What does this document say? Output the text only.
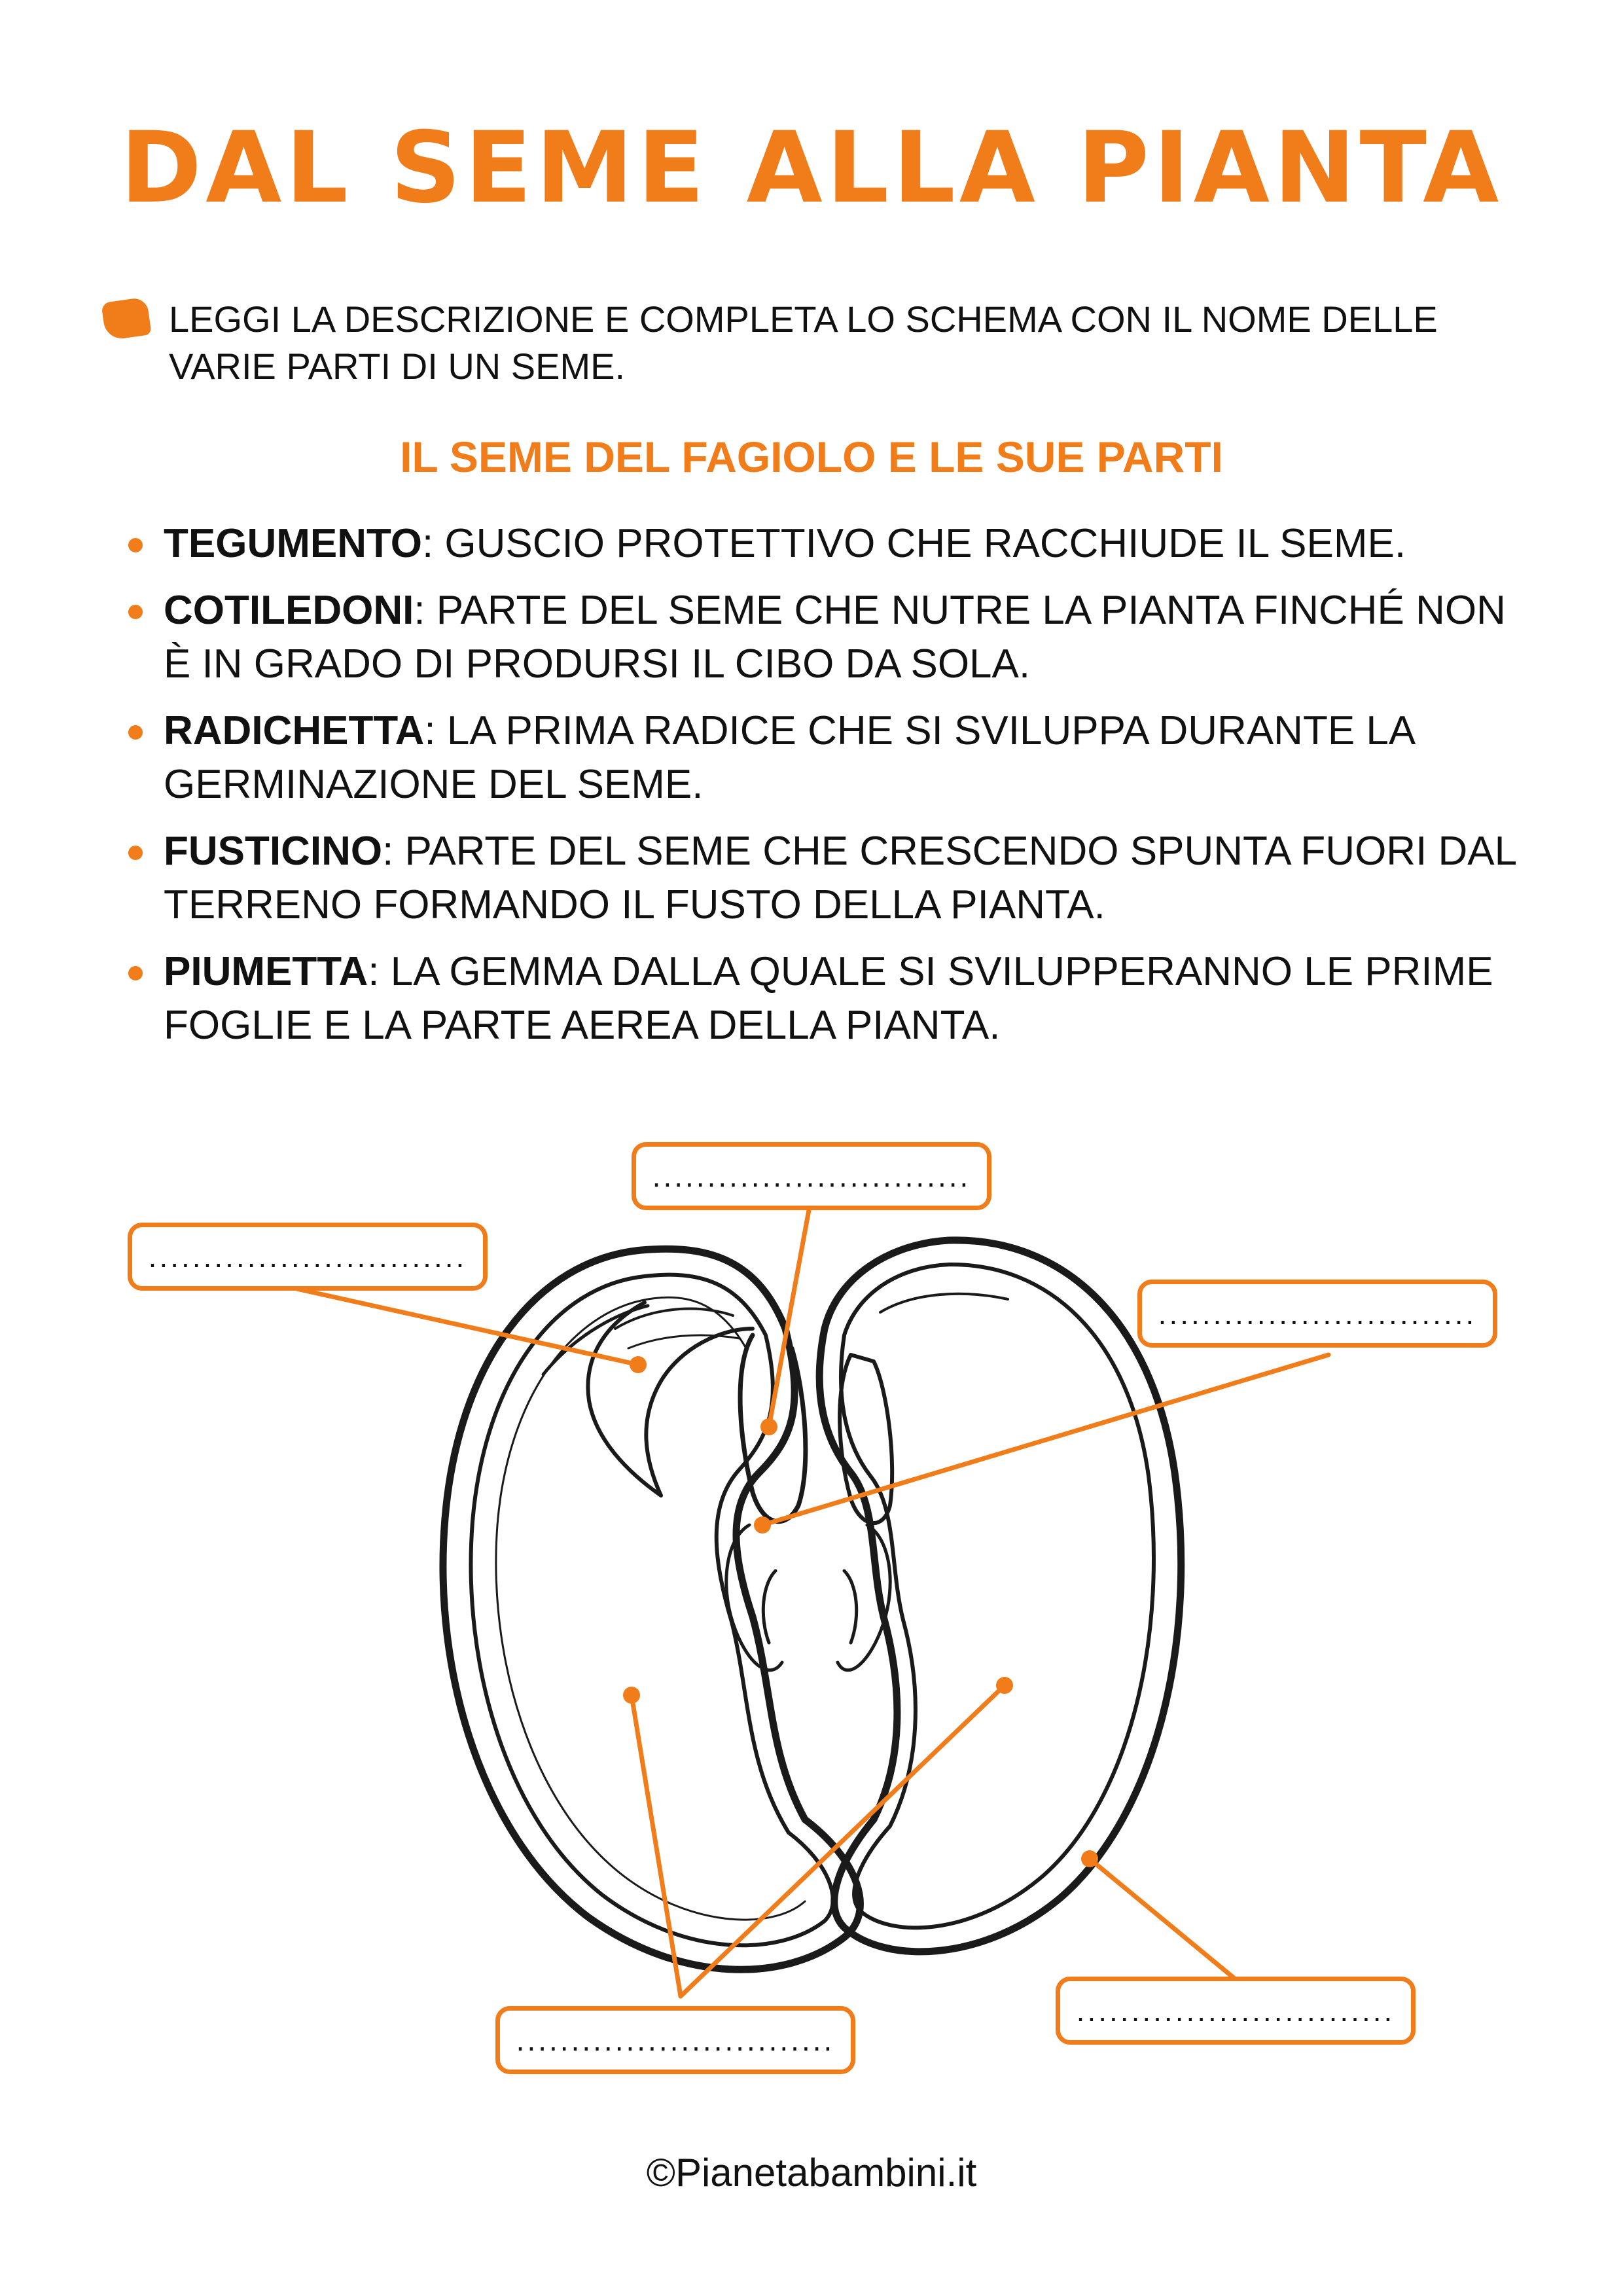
DAL SEME ALLA PIANTA
LEGGI LA DESCRIZIONE E COMPLETA LO SCHEMA CON IL NOME DELLE VARIE PARTI DI UN SEME.
IL SEME DEL FAGIOLO E LE SUE PARTI
TEGUMENTO: GUSCIO PROTETTIVO CHE RACCHIUDE IL SEME.
COTILEDONI: PARTE DEL SEME CHE NUTRE LA PIANTA FINCHÉ NON È IN GRADO DI PRODURSI IL CIBO DA SOLA.
RADICHETTA: LA PRIMA RADICE CHE SI SVILUPPA DURANTE LA GERMINAZIONE DEL SEME.
FUSTICINO: PARTE DEL SEME CHE CRESCENDO SPUNTA FUORI DAL TERRENO FORMANDO IL FUSTO DELLA PIANTA.
PIUMETTA: LA GEMMA DALLA QUALE SI SVILUPPERANNO LE PRIME FOGLIE E LA PARTE AEREA DELLA PIANTA.
.............................
.............................
.............................
.............................
.............................
©Pianetabambini.it
